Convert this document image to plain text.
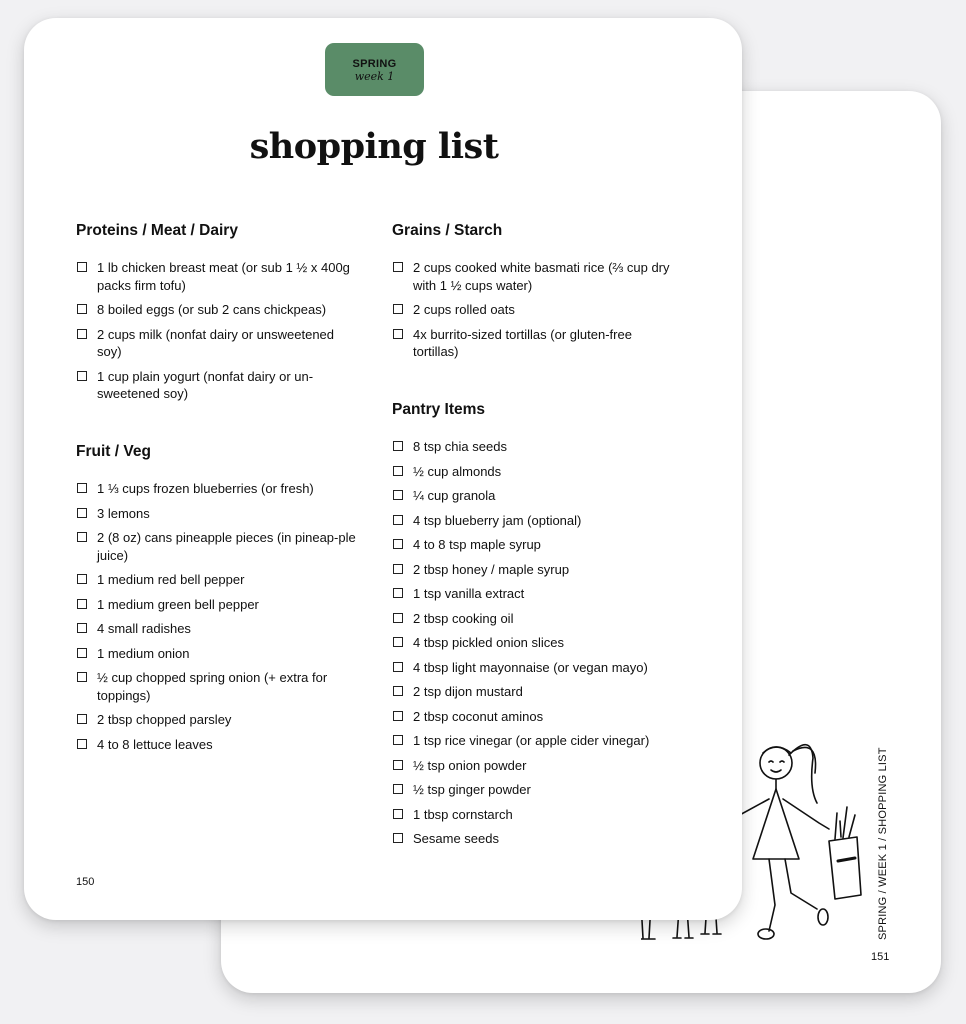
SPRING / WEEK 1 / SHOPPING LIST
151
SPRING
week 1
shopping list
Proteins / Meat / Dairy
1 lb chicken breast meat (or sub 1 ½ x 400g packs firm tofu)
8 boiled eggs (or sub 2 cans chickpeas)
2 cups milk (nonfat dairy or unsweetened soy)
1 cup plain yogurt (nonfat dairy or un-sweetened soy)
Fruit / Veg
1 ⅓ cups frozen blueberries (or fresh)
3 lemons
2 (8 oz) cans pineapple pieces (in pineap-ple juice)
1 medium red bell pepper
1 medium green bell pepper
4 small radishes
1 medium onion
½ cup chopped spring onion (+ extra for toppings)
2 tbsp chopped parsley
4 to 8 lettuce leaves
Grains / Starch
2 cups cooked white basmati rice (⅔ cup dry with 1 ½ cups water)
2 cups rolled oats
4x burrito-sized tortillas (or gluten-free tortillas)
Pantry Items
8 tsp chia seeds
½ cup almonds
¼ cup granola
4 tsp blueberry jam (optional)
4 to 8 tsp maple syrup
2 tbsp honey / maple syrup
1 tsp vanilla extract
2 tbsp cooking oil
4 tbsp pickled onion slices
4 tbsp light mayonnaise (or vegan mayo)
2 tsp dijon mustard
2 tbsp coconut aminos
1 tsp rice vinegar (or apple cider vinegar)
½ tsp onion powder
½ tsp ginger powder
1 tbsp cornstarch
Sesame seeds
150
